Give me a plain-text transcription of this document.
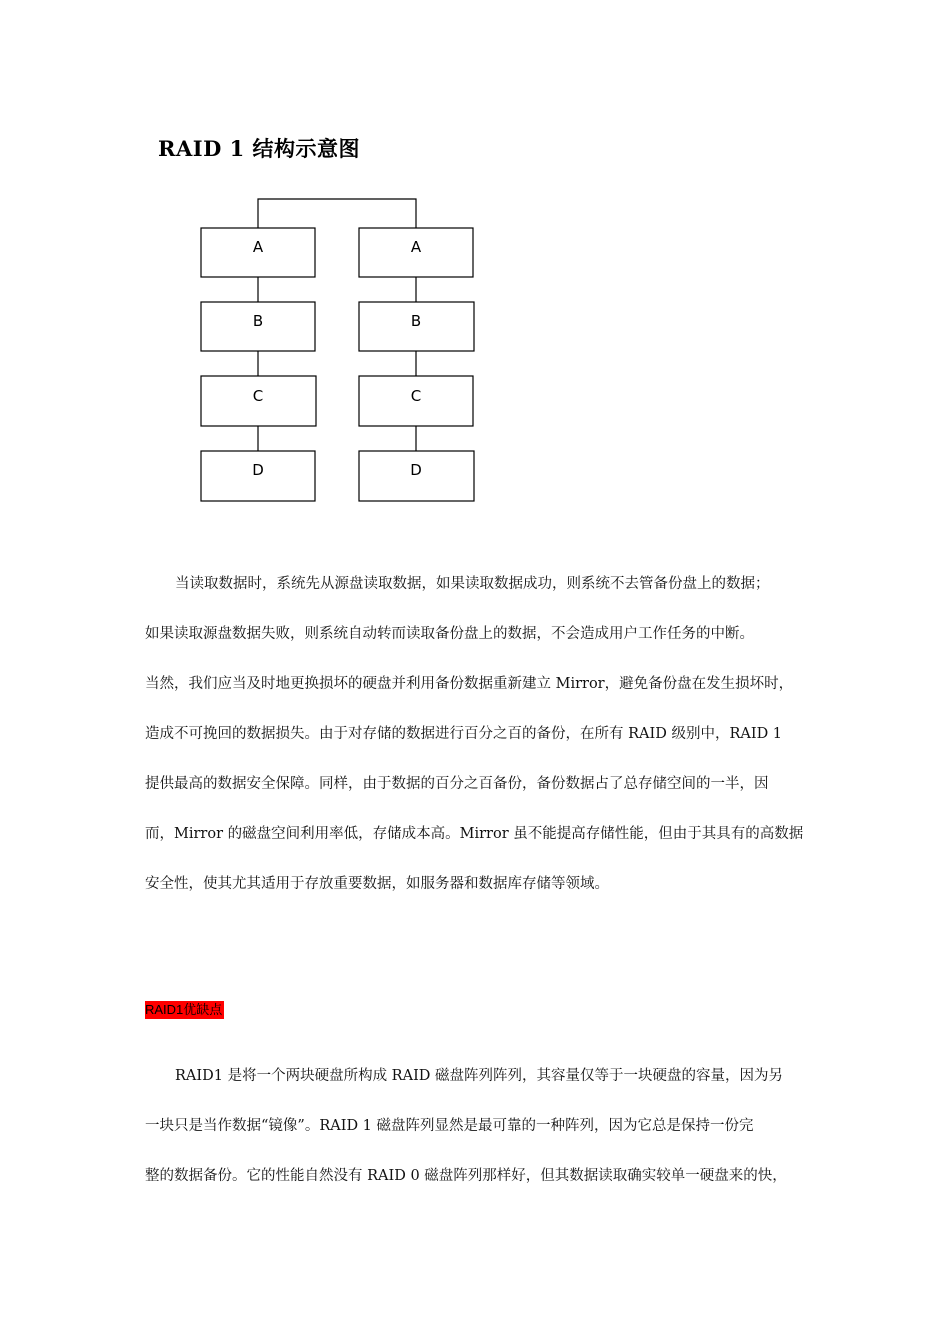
RAID 1 结构示意图
A
B
C
D
A
B
C
D
当读取数据时，系统先从源盘读取数据，如果读取数据成功，则系统不去管备份盘上的数据；
如果读取源盘数据失败，则系统自动转而读取备份盘上的数据，不会造成用户工作任务的中断。
当然，我们应当及时地更换损坏的硬盘并利用备份数据重新建立 Mirror，避免备份盘在发生损坏时，
造成不可挽回的数据损失。由于对存储的数据进行百分之百的备份，在所有 RAID 级别中，RAID 1
提供最高的数据安全保障。同样，由于数据的百分之百备份，备份数据占了总存储空间的一半，因
而，Mirror 的磁盘空间利用率低，存储成本高。Mirror 虽不能提高存储性能，但由于其具有的高数据
安全性，使其尤其适用于存放重要数据，如服务器和数据库存储等领域。
RAID1优缺点
RAID1 是将一个两块硬盘所构成 RAID 磁盘阵列阵列，其容量仅等于一块硬盘的容量，因为另
一块只是当作数据“镜像”。RAID 1 磁盘阵列显然是最可靠的一种阵列，因为它总是保持一份完
整的数据备份。它的性能自然没有 RAID 0 磁盘阵列那样好，但其数据读取确实较单一硬盘来的快，
